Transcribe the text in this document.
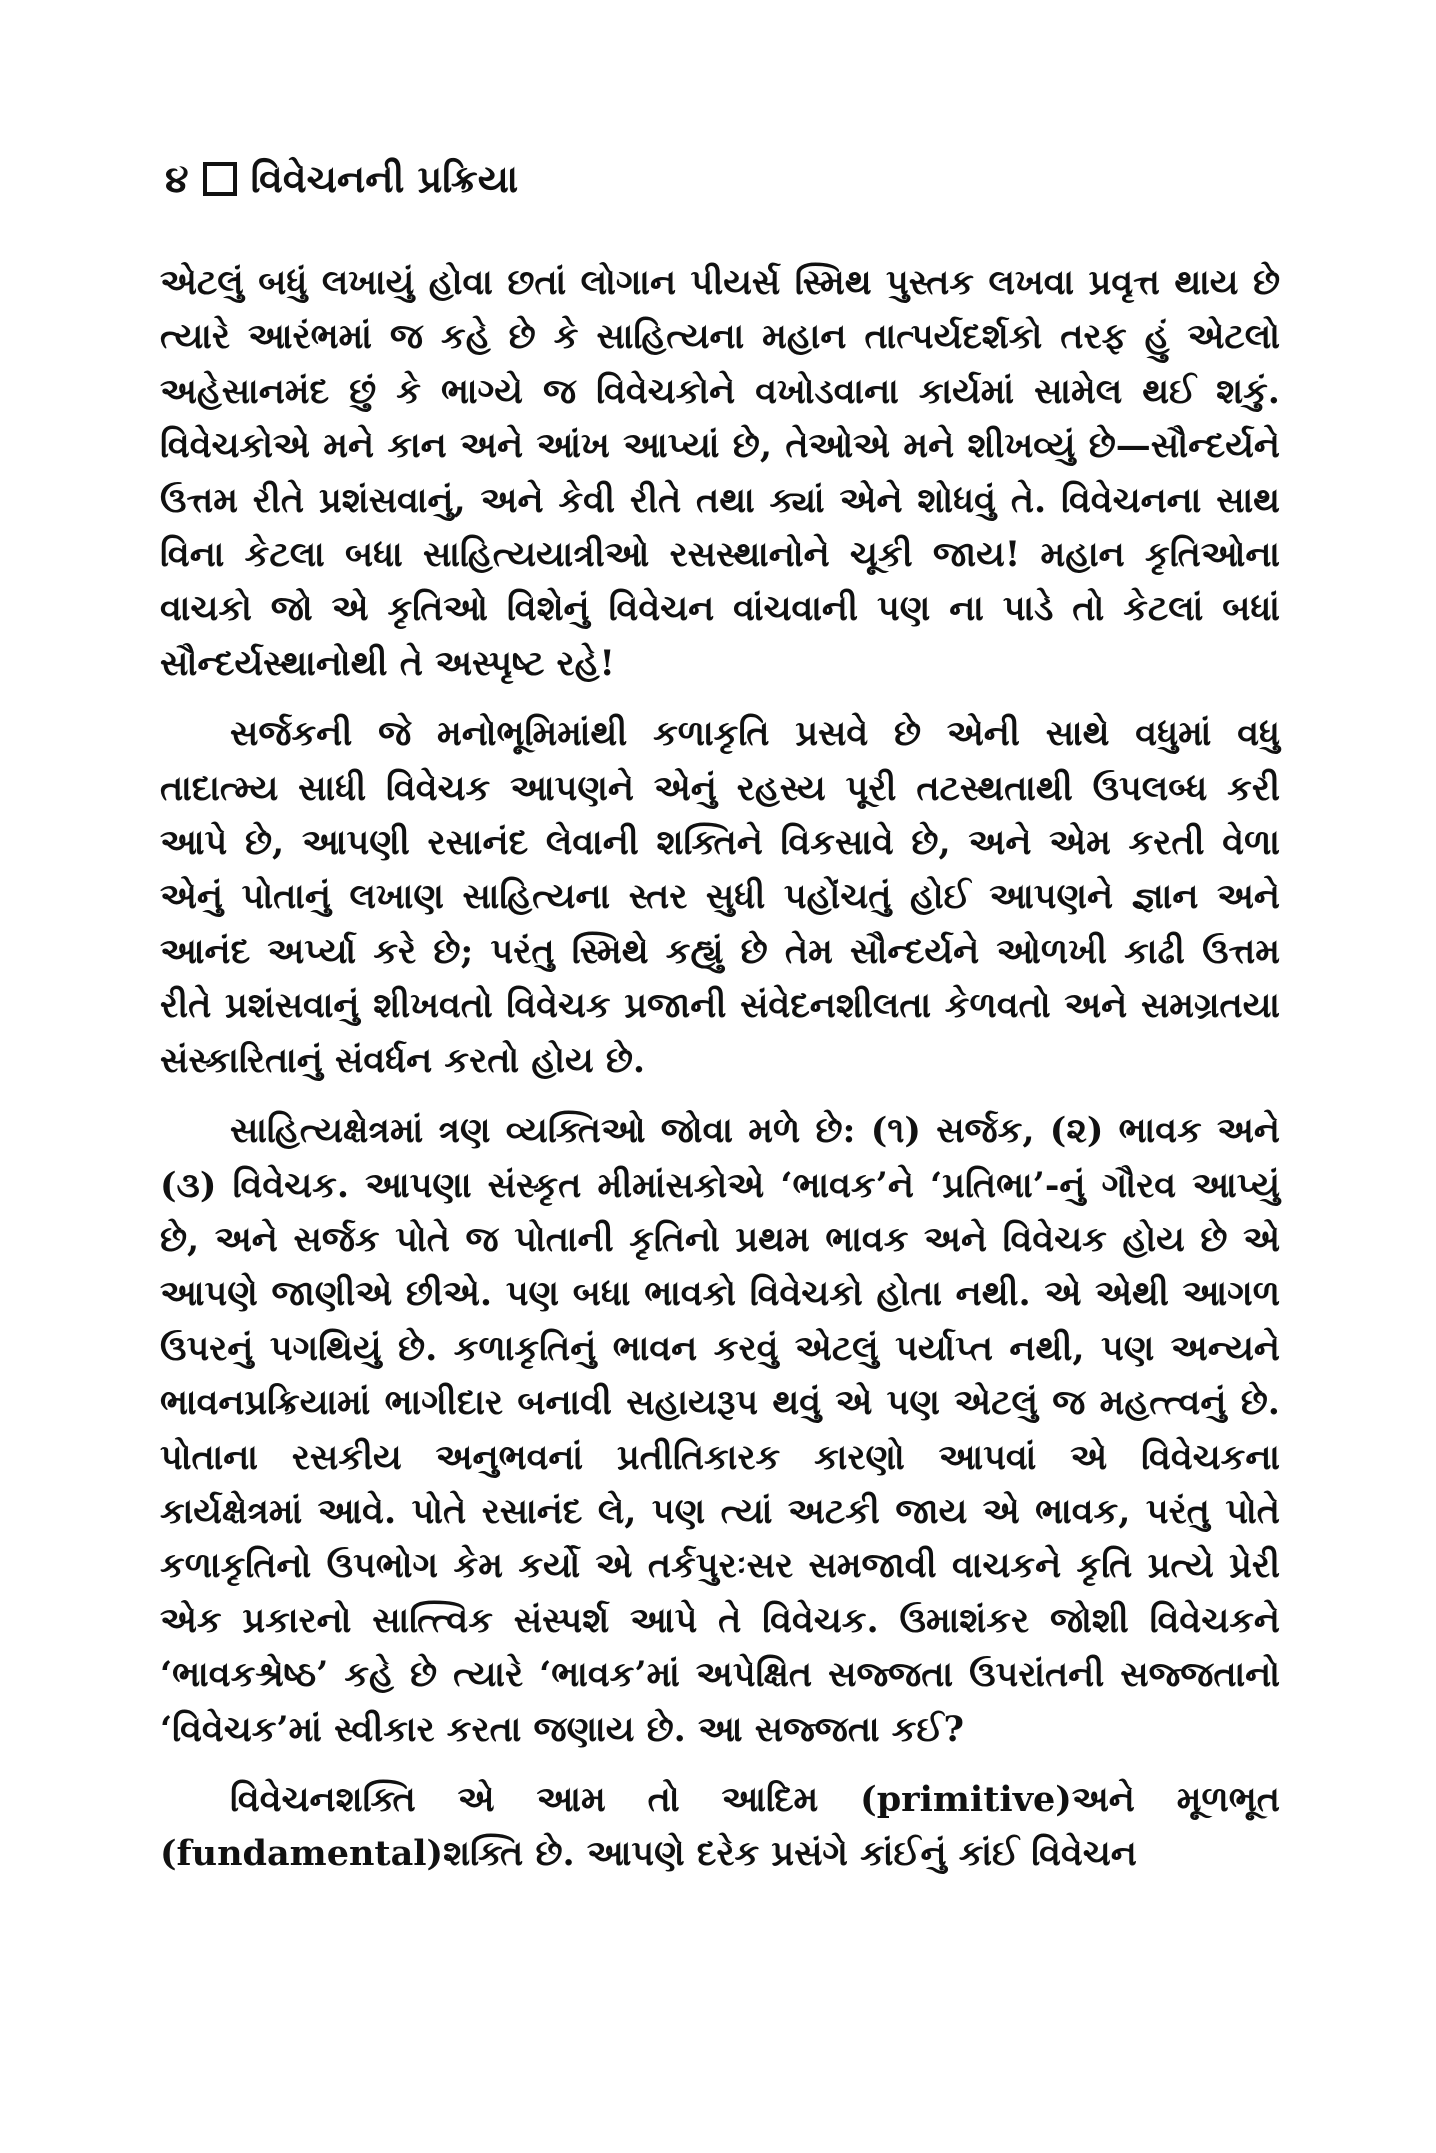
૪ વિવેચનની પ્રક્રિયા

એટલું બધું લખાયું હોવા છતાં લોગાન પીયર્સ સ્મિથ પુસ્તક લખવા પ્રવૃત્ત થાય છે ત્યારે આરંભમાં જ કહે છે કે સાહિત્યના મહાન તાત્પર્યદર્શકો તરફ હું એટલો અહેસાનમંદ છું કે ભાગ્યે જ વિવેચકોને વખોડવાના કાર્યમાં સામેલ થઈ શકું. વિવેચકોએ મને કાન અને આંખ આપ્યાં છે, તેઓએ મને શીખવ્યું છે—સૌન્દર્યને ઉત્તમ રીતે પ્રશંસવાનું, અને કેવી રીતે તથા ક્યાં એને શોધવું તે. વિવેચનના સાથ વિના કેટલા બધા સાહિત્યયાત્રીઓ રસસ્થાનોને ચૂકી જાય! મહાન કૃતિઓના વાચકો જો એ કૃતિઓ વિશેનું વિવેચન વાંચવાની પણ ના પાડે તો કેટલાં બધાં સૌન્દર્યસ્થાનોથી તે અસ્પૃષ્ટ રહે!

સર્જકની જે મનોભૂમિમાંથી કળાકૃતિ પ્રસવે છે એની સાથે વધુમાં વધુ તાદાત્મ્ય સાધી વિવેચક આપણને એનું રહસ્ય પૂરી તટસ્થતાથી ઉપલબ્ધ કરી આપે છે, આપણી રસાનંદ લેવાની શક્તિને વિકસાવે છે, અને એમ કરતી વેળા એનું પોતાનું લખાણ સાહિત્યના સ્તર સુધી પહોંચતું હોઈ આપણને જ્ઞાન અને આનંદ અર્પ્યા કરે છે; પરંતુ સ્મિથે કહ્યું છે તેમ સૌન્દર્યને ઓળખી કાઢી ઉત્તમ રીતે પ્રશંસવાનું શીખવતો વિવેચક પ્રજાની સંવેદનશીલતા કેળવતો અને સમગ્રતયા સંસ્કારિતાનું સંવર્ધન કરતો હોય છે.

સાહિત્યક્ષેત્રમાં ત્રણ વ્યક્તિઓ જોવા મળે છે: (૧) સર્જક, (૨) ભાવક અને (૩) વિવેચક. આપણા સંસ્કૃત મીમાંસકોએ ‘ભાવક’ને ‘પ્રતિભા’-નું ગૌરવ આપ્યું છે, અને સર્જક પોતે જ પોતાની કૃતિનો પ્રથમ ભાવક અને વિવેચક હોય છે એ આપણે જાણીએ છીએ. પણ બધા ભાવકો વિવેચકો હોતા નથી. એ એથી આગળ ઉપરનું પગથિયું છે. કળાકૃતિનું ભાવન કરવું એટલું પર્યાપ્ત નથી, પણ અન્યને ભાવનપ્રક્રિયામાં ભાગીદાર બનાવી સહાયરૂપ થવું એ પણ એટલું જ મહત્ત્વનું છે. પોતાના રસકીય અનુભવનાં પ્રતીતિકારક કારણો આપવાં એ વિવેચકના કાર્યક્ષેત્રમાં આવે. પોતે રસાનંદ લે, પણ ત્યાં અટકી જાય એ ભાવક, પરંતુ પોતે કળાકૃતિનો ઉપભોગ કેમ કર્યો એ તર્કપુરઃસર સમજાવી વાચકને કૃતિ પ્રત્યે પ્રેરી એક પ્રકારનો સાત્ત્વિક સંસ્પર્શ આપે તે વિવેચક. ઉમાશંકર જોશી વિવેચકને ‘ભાવકશ્રેષ્ઠ’ કહે છે ત્યારે ‘ભાવક’માં અપેક્ષિત સજ્જતા ઉપરાંતની સજ્જતાનો ‘વિવેચક’માં સ્વીકાર કરતા જણાય છે. આ સજ્જતા કઈ?

વિવેચનશક્તિ એ આમ તો આદિમ (primitive)અને મૂળભૂત (fundamental)શક્તિ છે. આપણે દરેક પ્રસંગે કાંઈનું કાંઈ વિવેચન
